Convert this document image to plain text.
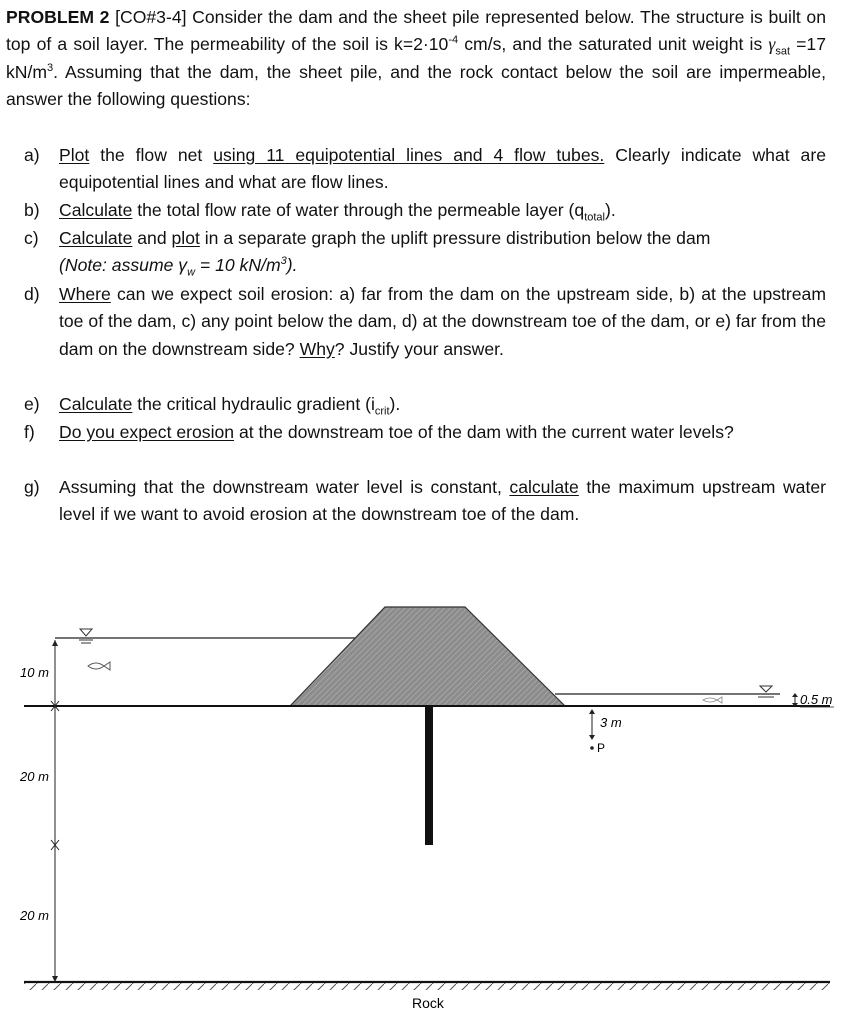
PROBLEM 2 [CO#3-4] Consider the dam and the sheet pile represented below. The structure is built on top of a soil layer. The permeability of the soil is $k=2\cdot 10^{-4}$ cm/s, and the saturated unit weight is $\gamma_{sat} =17$ $kN/m^3$. Assuming that the dam, the sheet pile, and the rock contact below the soil are impermeable, answer the following questions:
a)	Plot the flow net using 11 equipotential lines and 4 flow tubes. Clearly indicate what are equipotential lines and what are flow lines.
b)	Calculate the total flow rate of water through the permeable layer $(q_{total})$.
c)	Calculate and plot in a separate graph the uplift pressure distribution below the dam
(Note: assume $\gamma_w = 10$ $kN/m^3$).
d)	Where can we expect soil erosion: a) far from the dam on the upstream side, b) at the upstream toe of the dam, c) any point below the dam, d) at the downstream toe of the dam, or e) far from the dam on the downstream side? Why? Justify your answer.
e)	Calculate the critical hydraulic gradient $(i_{crit})$.
f)	Do you expect erosion at the downstream toe of the dam with the current water levels?
g)	Assuming that the downstream water level is constant, calculate the maximum upstream water level if we want to avoid erosion at the downstream toe of the dam.
0.5 m
3 m
P
10 m
20 m
20 m
Rock
